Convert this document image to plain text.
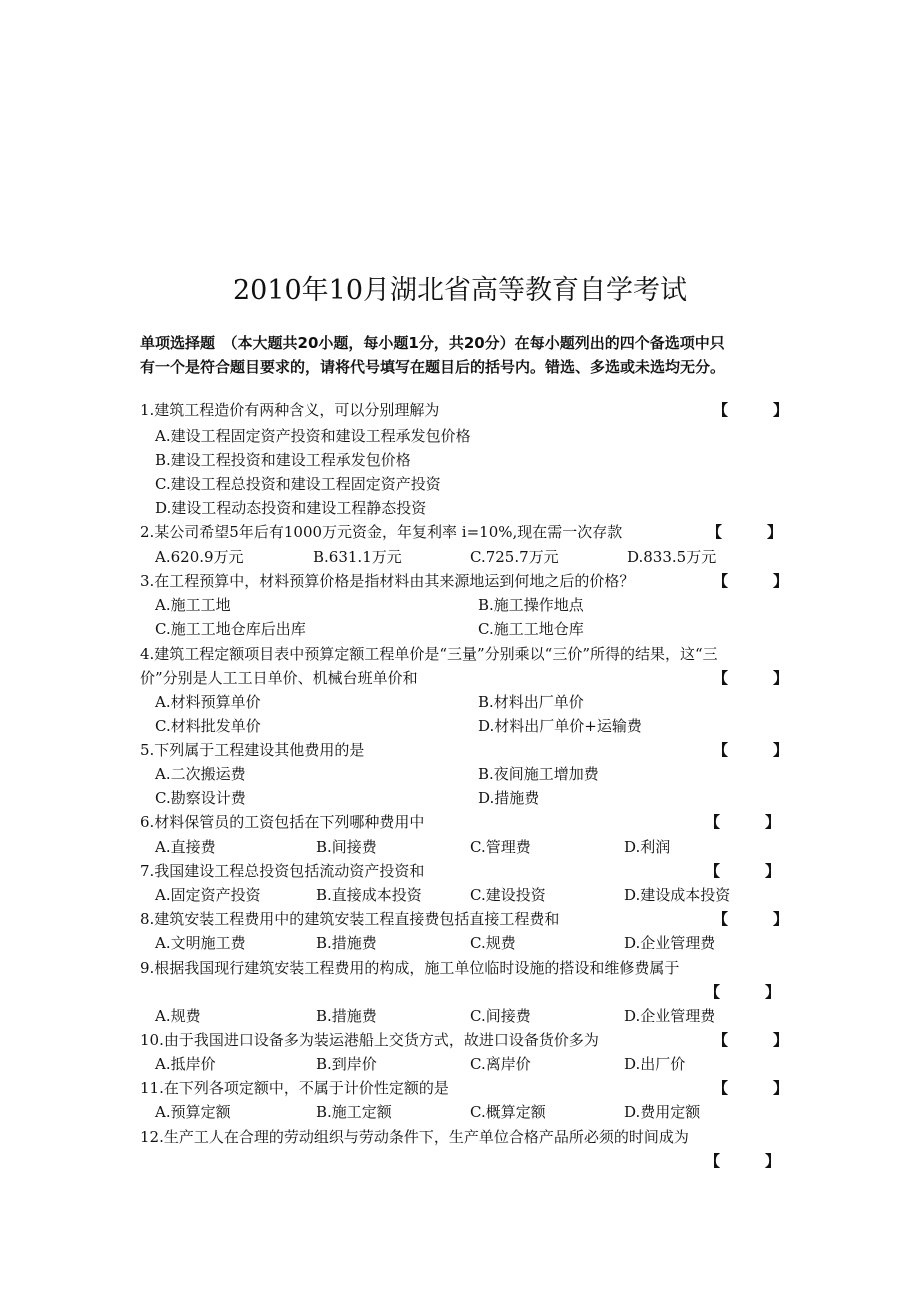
2010年10月湖北省高等教育自学考试
单项选择题　（本大题共20小题，每小题1分，共20分）在每小题列出的四个备选项中只
有一个是符合题目要求的，请将代号填写在题目后的括号内。错选、多选或未选均无分。
1.建筑工程造价有两种含义，可以分别理解为	【　　　】
A.建设工程固定资产投资和建设工程承发包价格
B.建设工程投资和建设工程承发包价格
C.建设工程总投资和建设工程固定资产投资
D.建设工程动态投资和建设工程静态投资
2.某公司希望5年后有1000万元资金，年复利率 i=10%,现在需一次存款	【　　　】
A.620.9万元	B.631.1万元	C.725.7万元	D.833.5万元
3.在工程预算中，材料预算价格是指材料由其来源地运到何地之后的价格？	【　　　】
A.施工工地	B.施工操作地点
C.施工工地仓库后出库	C.施工工地仓库
4.建筑工程定额项目表中预算定额工程单价是“三量”分别乘以“三价”所得的结果，这“三
价”分别是人工工日单价、机械台班单价和	【　　　】
A.材料预算单价	B.材料出厂单价
C.材料批发单价	D.材料出厂单价+运输费
5.下列属于工程建设其他费用的是	【　　　】
A.二次搬运费	B.夜间施工增加费
C.勘察设计费	D.措施费
6.材料保管员的工资包括在下列哪种费用中	【　　　】
A.直接费	B.间接费	C.管理费	D.利润
7.我国建设工程总投资包括流动资产投资和	【　　　】
A.固定资产投资	B.直接成本投资	C.建设投资	D.建设成本投资
8.建筑安装工程费用中的建筑安装工程直接费包括直接工程费和	【　　　】
A.文明施工费	B.措施费	C.规费	D.企业管理费
9.根据我国现行建筑安装工程费用的构成，施工单位临时设施的搭设和维修费属于
【　　　】
A.规费	B.措施费	C.间接费	D.企业管理费
10.由于我国进口设备多为装运港船上交货方式，故进口设备货价多为	【　　　】
A.抵岸价	B.到岸价	C.离岸价	D.出厂价
11.在下列各项定额中，不属于计价性定额的是	【　　　】
A.预算定额	B.施工定额	C.概算定额	D.费用定额
12.生产工人在合理的劳动组织与劳动条件下，生产单位合格产品所必须的时间成为
【　　　】
